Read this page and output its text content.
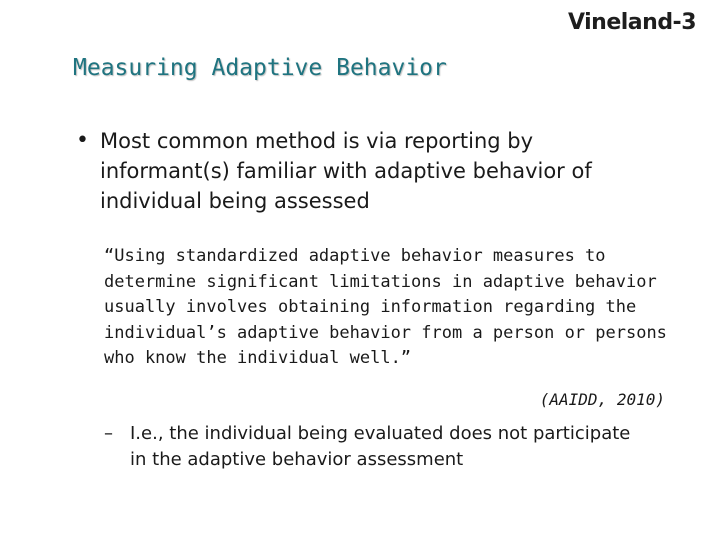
Vineland-3
Measuring Adaptive Behavior
• Most common method is via reporting by informant(s) familiar with adaptive behavior of individual being assessed

“Using standardized adaptive behavior measures to determine significant limitations in adaptive behavior usually involves obtaining information regarding the individual’s adaptive behavior from a person or persons who know the individual well.”

(AAIDD, 2010)
– I.e., the individual being evaluated does not participate in the adaptive behavior assessment
